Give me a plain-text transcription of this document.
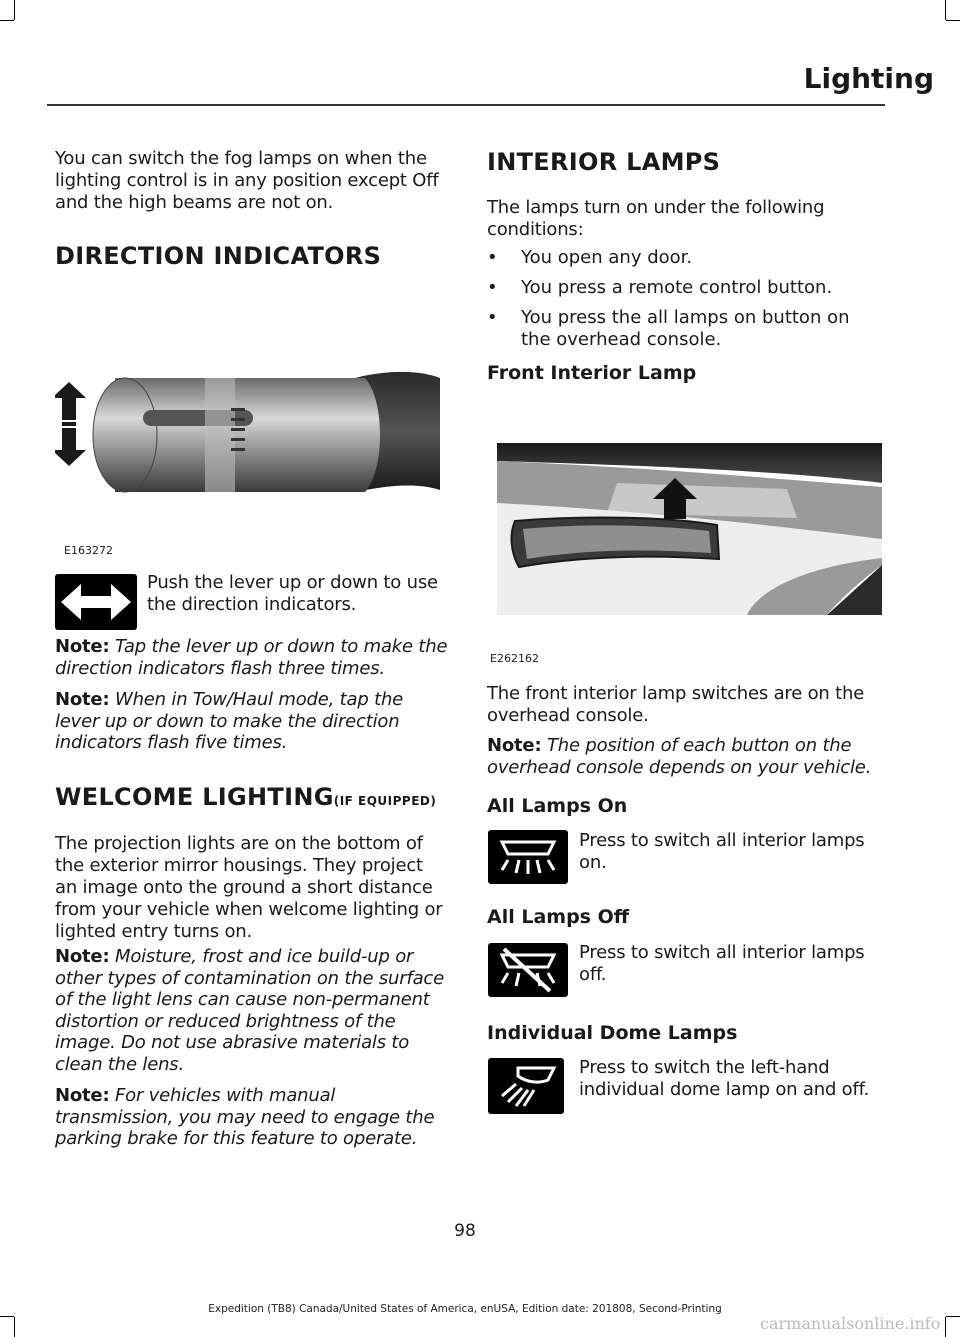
Lighting

You can switch the fog lamps on when the lighting control is in any position except Off and the high beams are not on.

DIRECTION INDICATORS
E163272

Push the lever up or down to use the direction indicators.

Note: Tap the lever up or down to make the direction indicators flash three times.

Note: When in Tow/Haul mode, tap the lever up or down to make the direction indicators flash five times.

WELCOME LIGHTING(IF EQUIPPED)

The projection lights are on the bottom of the exterior mirror housings. They project an image onto the ground a short distance from your vehicle when welcome lighting or lighted entry turns on.

Note: Moisture, frost and ice build-up or other types of contamination on the surface of the light lens can cause non-permanent distortion or reduced brightness of the image. Do not use abrasive materials to clean the lens.

Note: For vehicles with manual transmission, you may need to engage the parking brake for this feature to operate.

INTERIOR LAMPS

The lamps turn on under the following conditions:

• You open any door.
• You press a remote control button.
• You press the all lamps on button on the overhead console.
Front Interior Lamp
E262162

The front interior lamp switches are on the overhead console.

Note: The position of each button on the overhead console depends on your vehicle.

All Lamps On

Press to switch all interior lamps on.

All Lamps Off

Press to switch all interior lamps off.

Individual Dome Lamps

Press to switch the left-hand individual dome lamp on and off.

98
Expedition (TB8) Canada/United States of America, enUSA, Edition date: 201808, Second-Printing
carmanualsonline.info
